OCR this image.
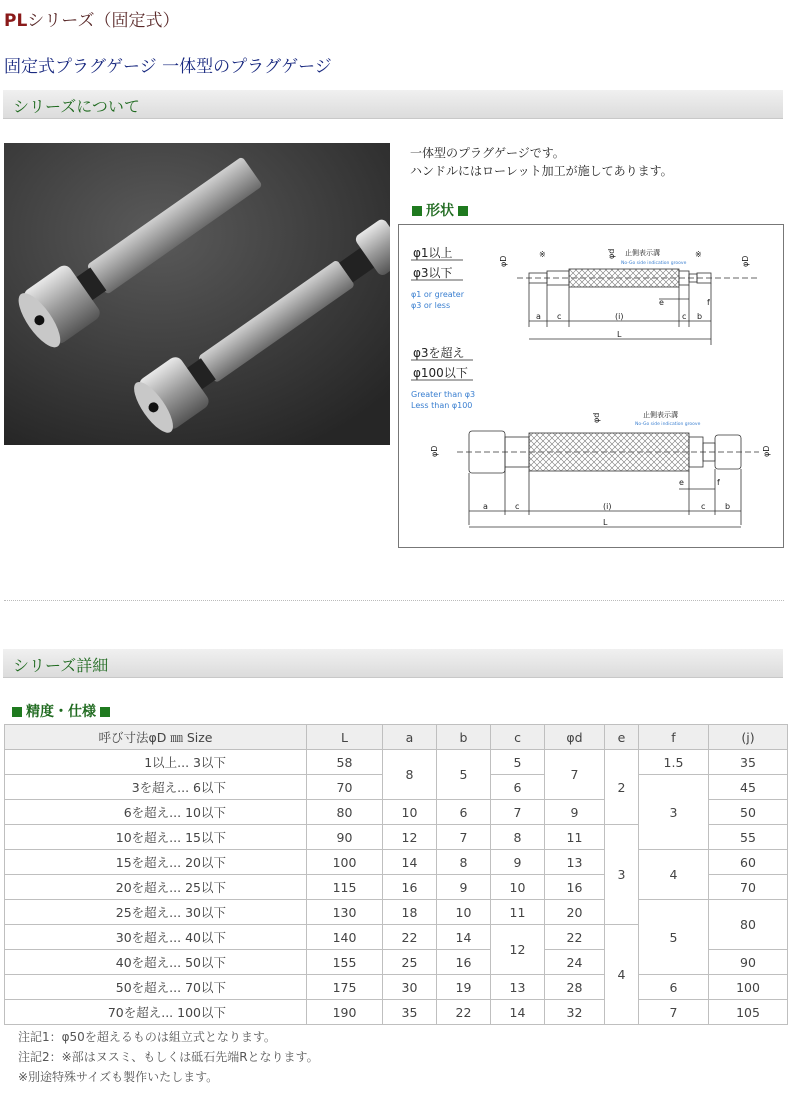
PLシリーズ（固定式）
固定式プラグゲージ 一体型のプラグゲージ
シリーズについて
一体型のプラグゲージです。
ハンドルにはローレット加工が施してあります。
形状
φ1以上
φ3以下
φ1 or greater
φ3 or less
φD	φD
φd
※	※
止側表示溝
No-Go side indication groove
a c	(i)	c b
e	f
L
φ3を超え
φ100以下
Greater than φ3
Less than φ100
φD	φD
φd	止側表示溝
No-Go side indication groove
a	c	(i)	c b
e	f
L
シリーズ詳細
精度・仕様
呼び寸法φD ㎜ Size	L	a	b	c	φd	e	f	(j)
1以上... 3以下	58	8	5	5	7	2	1.5	35
3を超え... 6以下	70			6			3	45
6を超え... 10以下	80	10	6	7	9			50
10を超え... 15以下	90	12	7	8	11	3		55
15を超え... 20以下	100	14	8	9	13		4	60
20を超え... 25以下	115	16	9	10	16			70
25を超え... 30以下	130	18	10	11	20		5	80
30を超え... 40以下	140	22	14	12	22	4		
40を超え... 50以下	155	25	16		24			90
50を超え... 70以下	175	30	19	13	28		6	100
70を超え... 100以下	190	35	22	14	32		7	105
注記1：φ50を超えるものは組立式となります。
注記2：※部はヌスミ、もしくは砥石先端Rとなります。
※別途特殊サイズも製作いたします。
